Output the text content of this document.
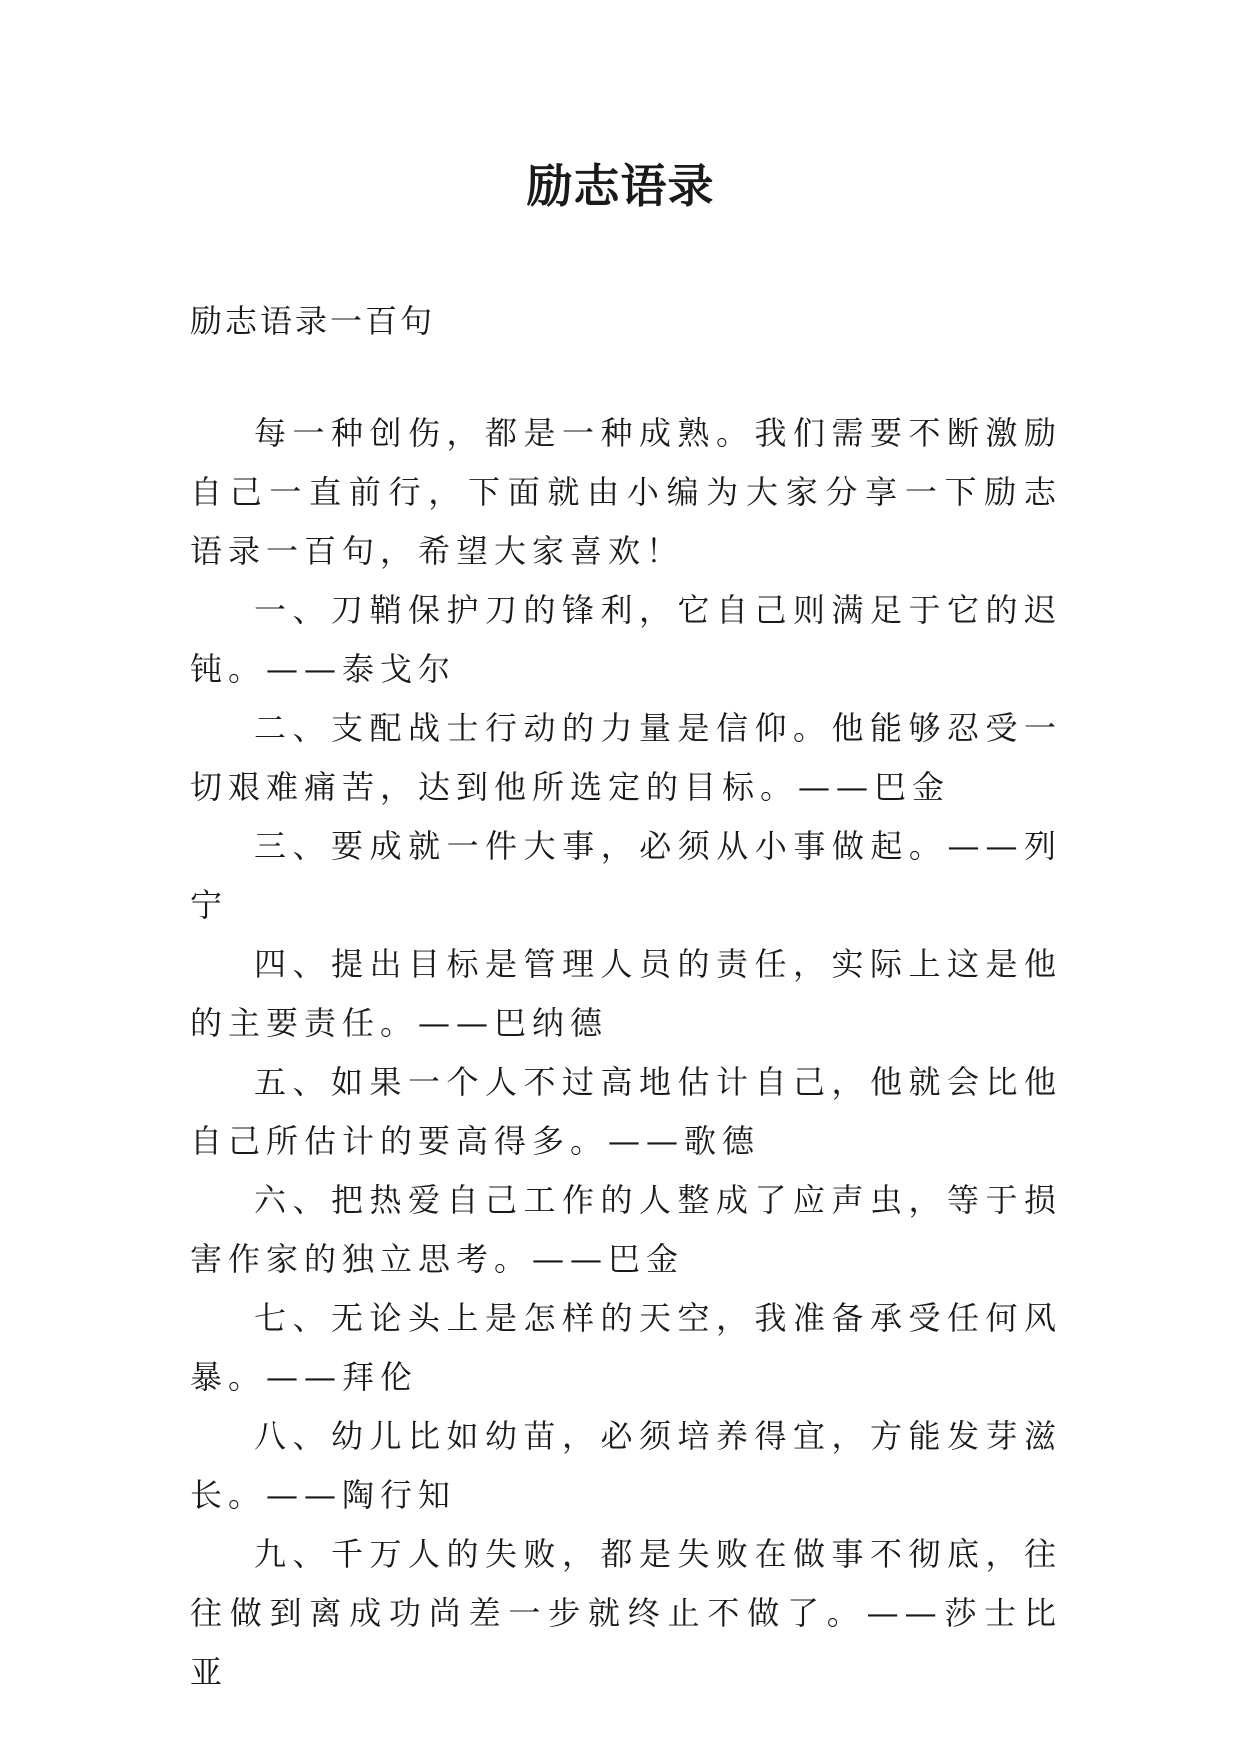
励志语录

励志语录一百句

每一种创伤，都是一种成熟。我们需要不断激励自己一直前行，下面就由小编为大家分享一下励志语录一百句，希望大家喜欢！

一、刀鞘保护刀的锋利，它自己则满足于它的迟钝。——泰戈尔

二、支配战士行动的力量是信仰。他能够忍受一切艰难痛苦，达到他所选定的目标。——巴金

三、要成就一件大事，必须从小事做起。——列宁

四、提出目标是管理人员的责任，实际上这是他的主要责任。——巴纳德

五、如果一个人不过高地估计自己，他就会比他自己所估计的要高得多。——歌德

六、把热爱自己工作的人整成了应声虫，等于损害作家的独立思考。——巴金

七、无论头上是怎样的天空，我准备承受任何风暴。——拜伦

八、幼儿比如幼苗，必须培养得宜，方能发芽滋长。——陶行知

九、千万人的失败，都是失败在做事不彻底，往往做到离成功尚差一步就终止不做了。——莎士比亚
